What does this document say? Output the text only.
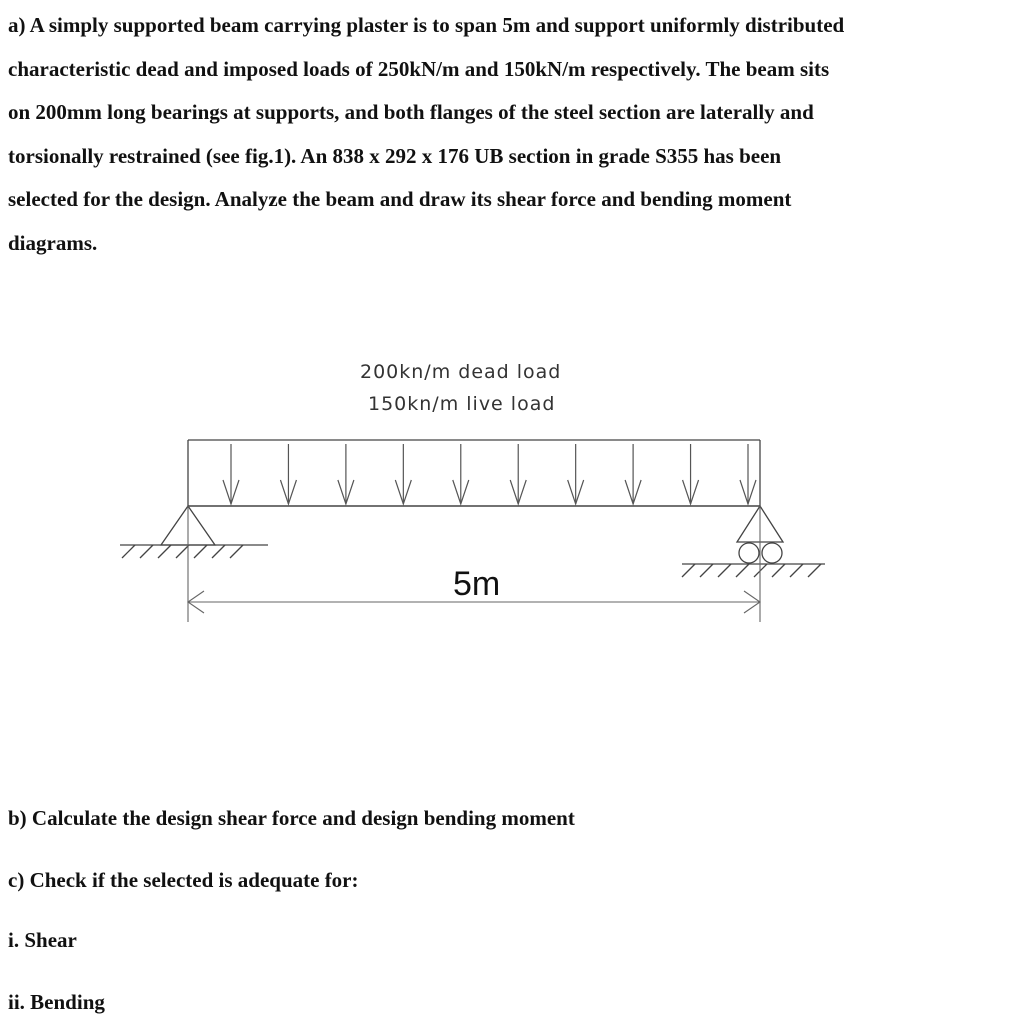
a) A simply supported beam carrying plaster is to span 5m and support uniformly distributed
characteristic dead and imposed loads of 250kN/m and 150kN/m respectively. The beam sits
on 200mm long bearings at supports, and both flanges of the steel section are laterally and
torsionally restrained (see fig.1). An 838 x 292 x 176 UB section in grade S355 has been
selected for the design. Analyze the beam and draw its shear force and bending moment
diagrams.
200kn/m dead load
150kn/m live load
5m
b) Calculate the design shear force and design bending moment
c) Check if the selected is adequate for:
i. Shear
ii. Bending
